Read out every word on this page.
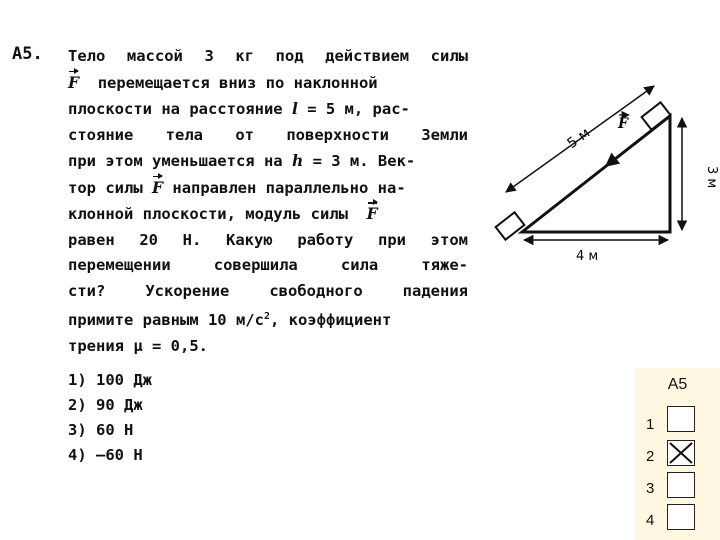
А5. Тело массой 3 кг под действием силы
F перемещается вниз по наклонной
плоскости на расстояние l = 5 м, рас-
стояние тела от поверхности Земли
при этом уменьшается на h = 3 м. Век-
тор силы F направлен параллельно на-
клонной плоскости, модуль силы F
равен 20 Н. Какую работу при этом
перемещении совершила сила тяже-
сти? Ускорение свободного падения
примите равным 10 $м/с^2$, коэффициент
трения μ = 0,5.
1) 100 Дж
2) 90 Дж
3) 60 Н
4) –60 Н
F
5 м
4 м
3 м
А5
1
2
3
4
